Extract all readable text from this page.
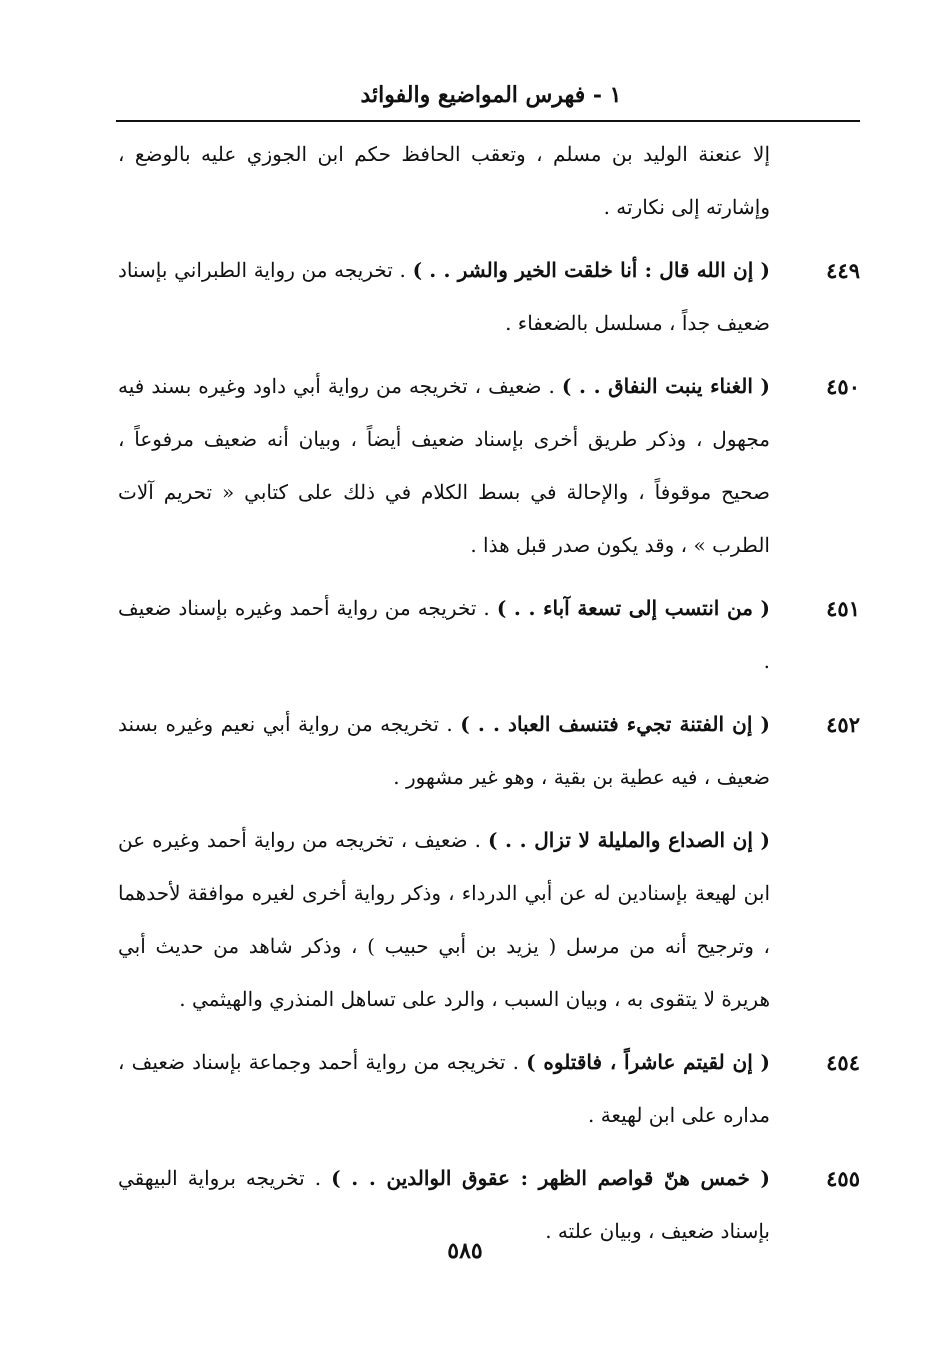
١ - فهرس المواضيع والفوائد
إلا عنعنة الوليد بن مسلم ، وتعقب الحافظ حكم ابن الجوزي عليه بالوضع ، وإشارته إلى نكارته .
٤٤٩
( إن الله قال : أنا خلقت الخير والشر . . ) . تخريجه من رواية الطبراني بإسناد ضعيف جداً ، مسلسل بالضعفاء .
٤٥٠
( الغناء ينبت النفاق . . ) . ضعيف ، تخريجه من رواية أبي داود وغيره بسند فيه مجهول ، وذكر طريق أخرى بإسناد ضعيف أيضاً ، وبيان أنه ضعيف مرفوعاً ، صحيح موقوفاً ، والإحالة في بسط الكلام في ذلك على كتابي « تحريم آلات الطرب » ، وقد يكون صدر قبل هذا .
٤٥١
( من انتسب إلى تسعة آباء . . ) . تخريجه من رواية أحمد وغيره بإسناد ضعيف .
٤٥٢
( إن الفتنة تجيء فتنسف العباد . . ) . تخريجه من رواية أبي نعيم وغيره بسند ضعيف ، فيه عطية بن بقية ، وهو غير مشهور .
( إن الصداع والمليلة لا تزال . . ) . ضعيف ، تخريجه من رواية أحمد وغيره عن ابن لهيعة بإسنادين له عن أبي الدرداء ، وذكر رواية أخرى لغيره موافقة لأحدهما ، وترجيح أنه من مرسل ( يزيد بن أبي حبيب ) ، وذكر شاهد من حديث أبي هريرة لا يتقوى به ، وبيان السبب ، والرد على تساهل المنذري والهيثمي .
٤٥٤
( إن لقيتم عاشراً ، فاقتلوه ) . تخريجه من رواية أحمد وجماعة بإسناد ضعيف ، مداره على ابن لهيعة .
٤٥٥
( خمس هنّ قواصم الظهر : عقوق الوالدين . . ) . تخريجه برواية البيهقي بإسناد ضعيف ، وبيان علته .
٥٨٥
